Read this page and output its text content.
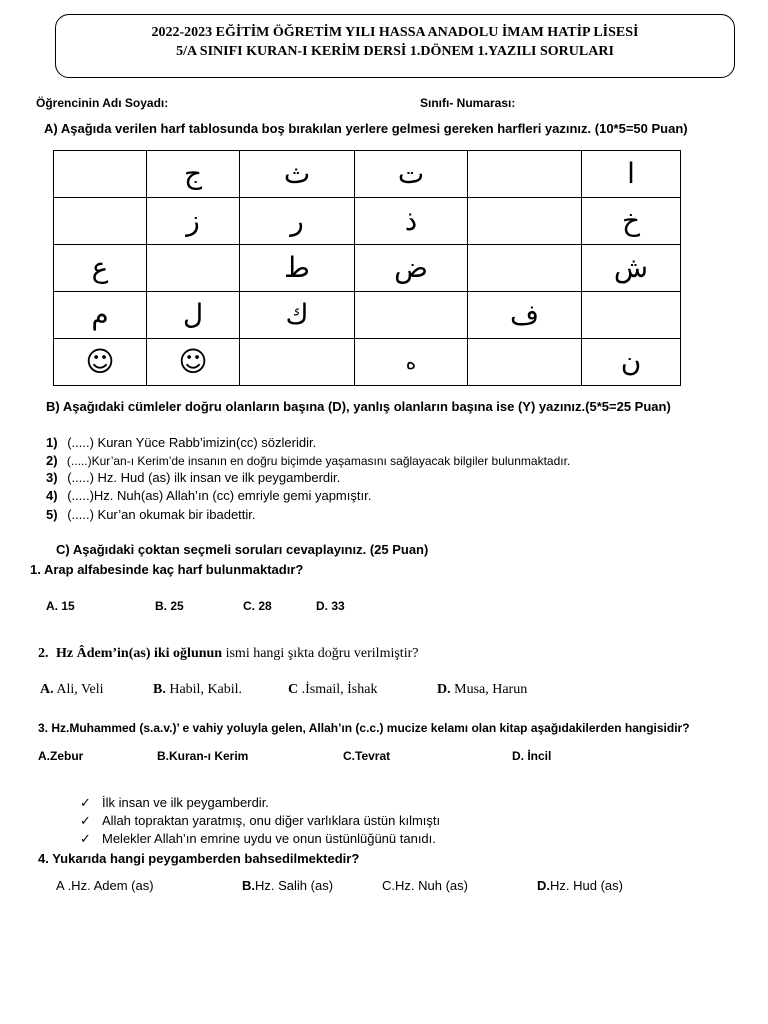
2022-2023 EĞİTİM ÖĞRETİM YILI HASSA ANADOLU İMAM HATİP LİSESİ
5/A SINIFI KURAN-I KERİM DERSİ 1.DÖNEM 1.YAZILI SORULARI
Öğrencinin Adı Soyadı:	Sınıfı- Numarası:
A) Aşağıda verilen harf tablosunda boş bırakılan yerlere gelmesi gereken harfleri yazınız. (10*5=50 Puan)
	ج	ث	ت		ا
	ز	ر	ذ		خ
ع		ط	ض		ش
م	ل	ك		ف	
☺	☺		ه		ن
B) Aşağıdaki cümleler doğru olanların başına (D), yanlış olanların başına ise (Y) yazınız.(5*5=25 Puan)
1) (.....) Kuran Yüce Rabb’imizin(cc) sözleridir.
2) (.....)Kur’an-ı Kerim’de insanın en doğru biçimde yaşamasını sağlayacak bilgiler bulunmaktadır.
3) (.....) Hz. Hud (as) ilk insan ve ilk peygamberdir.
4) (.....)Hz. Nuh(as) Allah’ın (cc) emriyle gemi yapmıştır.
5) (.....) Kur’an okumak bir ibadettir.
C) Aşağıdaki çoktan seçmeli soruları cevaplayınız. (25 Puan)
1. Arap alfabesinde kaç harf bulunmaktadır?
A. 15	B. 25	C. 28	D. 33
2. Hz Âdem’in(as) iki oğlunun ismi hangi şıkta doğru verilmiştir?
A. Ali, Veli	B. Habil, Kabil.	C .İsmail, İshak	D. Musa, Harun
3. Hz.Muhammed (s.a.v.)’ e vahiy yoluyla gelen, Allah’ın (c.c.) mucize kelamı olan kitap aşağıdakilerden hangisidir?
A.Zebur	B.Kuran-ı Kerim	C.Tevrat	D. İncil
✓ İlk insan ve ilk peygamberdir.
✓ Allah topraktan yaratmış, onu diğer varlıklara üstün kılmıştı
✓ Melekler Allah’ın emrine uydu ve onun üstünlüğünü tanıdı.
4. Yukarıda hangi peygamberden bahsedilmektedir?
A .Hz. Adem (as)	B.Hz. Salih (as)	C.Hz. Nuh (as)	D.Hz. Hud (as)
